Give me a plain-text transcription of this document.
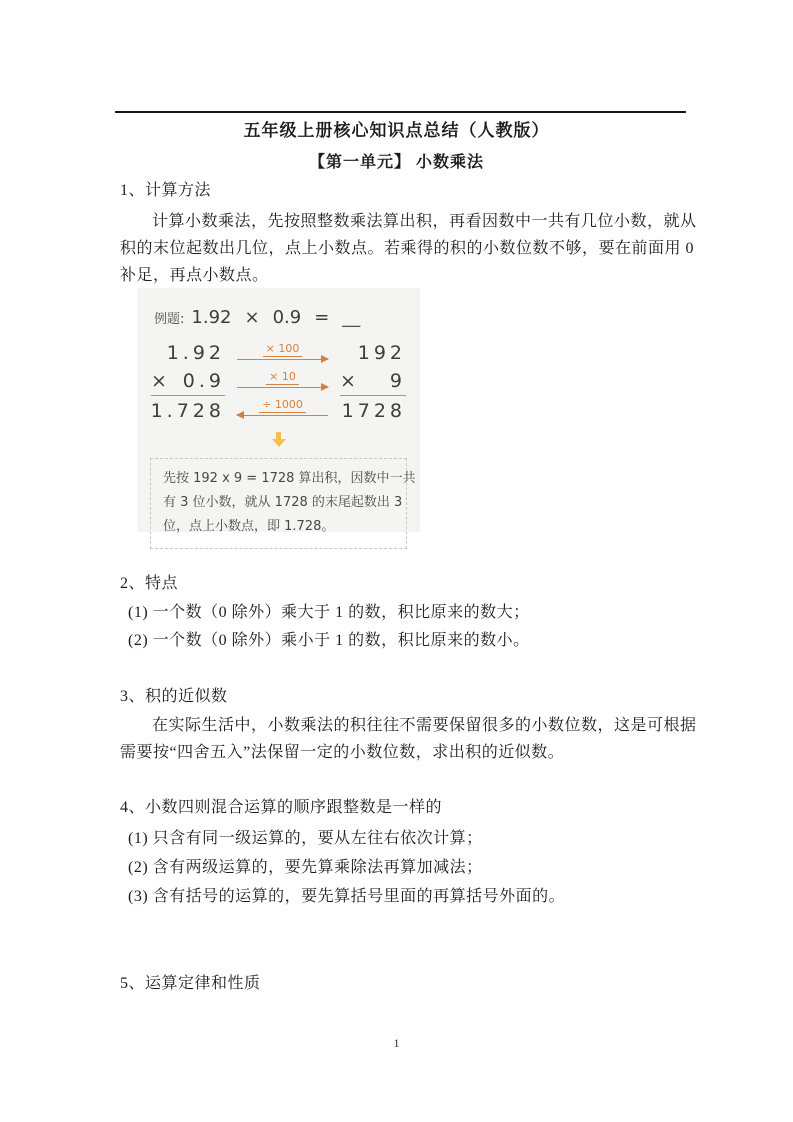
五年级上册核心知识点总结（人教版）
【第一单元】 小数乘法
1、计算方法
计算小数乘法，先按照整数乘法算出积，再看因数中一共有几位小数，就从
积的末位起数出几位，点上小数点。若乘得的积的小数位数不够，要在前面用 0
补足，再点小数点。
例题: 1.92 × 0.9 = __
1.92
× 0.9
1.728
× 100
× 10
÷ 1000
192
× 9
1728
先按 192 x 9 = 1728 算出积，因数中一共
有 3 位小数，就从 1728 的末尾起数出 3
位，点上小数点，即 1.728。
2、特点
(1) 一个数（0 除外）乘大于 1 的数，积比原来的数大；
(2) 一个数（0 除外）乘小于 1 的数，积比原来的数小。
3、积的近似数
在实际生活中，小数乘法的积往往不需要保留很多的小数位数，这是可根据
需要按“四舍五入”法保留一定的小数位数，求出积的近似数。
4、小数四则混合运算的顺序跟整数是一样的
(1) 只含有同一级运算的，要从左往右依次计算；
(2) 含有两级运算的，要先算乘除法再算加减法；
(3) 含有括号的运算的，要先算括号里面的再算括号外面的。
5、运算定律和性质
1
